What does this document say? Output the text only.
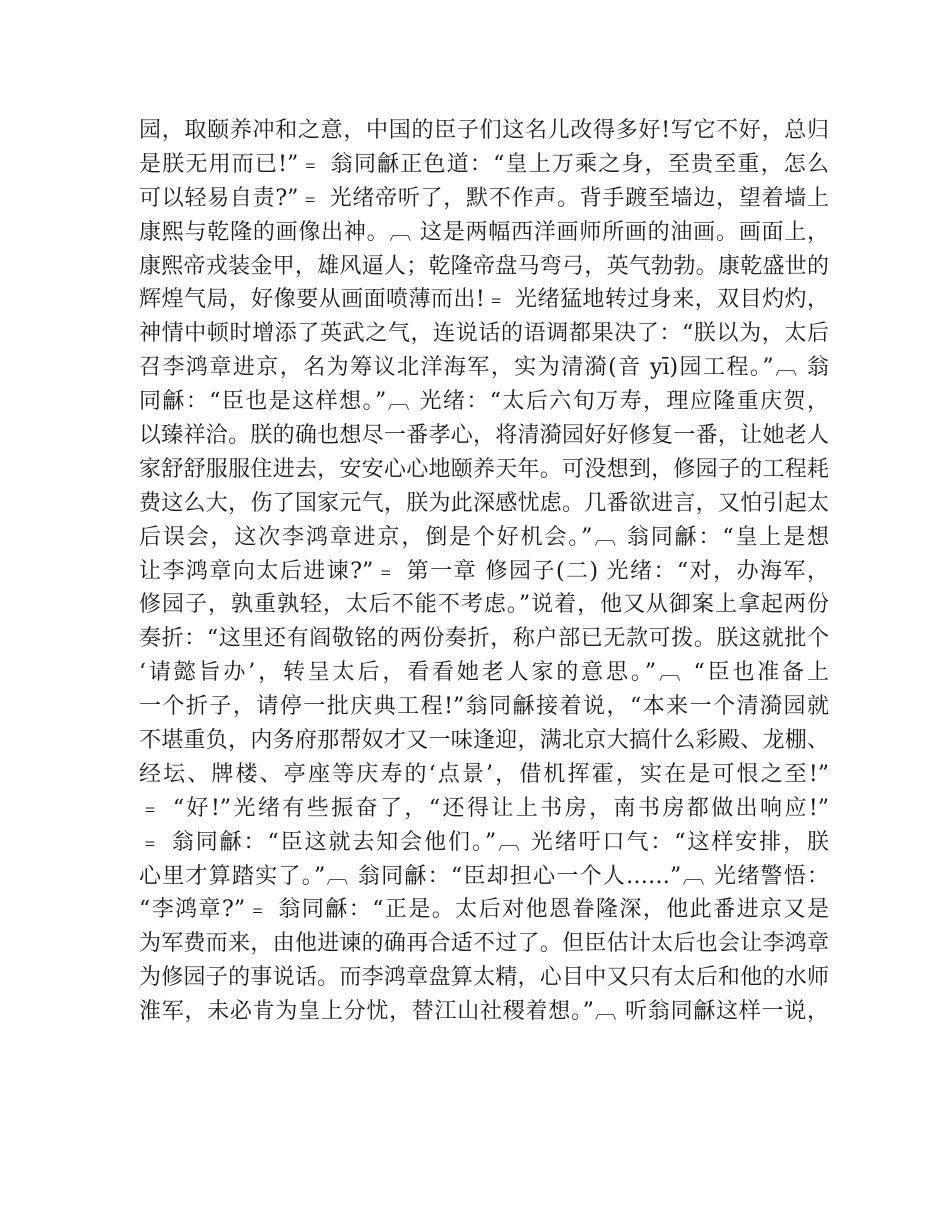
园，取颐养冲和之意，中国的臣子们这名儿改得多好!写它不好，总归
是朕无用而已!”﹦ 翁同龢正色道：“皇上万乘之身，至贵至重，怎么
可以轻易自责?”﹦ 光绪帝听了，默不作声。背手踱至墙边，望着墙上
康熙与乾隆的画像出神。︹ 这是两幅西洋画师所画的油画。画面上，
康熙帝戎装金甲，雄风逼人；乾隆帝盘马弯弓，英气勃勃。康乾盛世的
辉煌气局，好像要从画面喷薄而出!﹦ 光绪猛地转过身来，双目灼灼，
神情中顿时增添了英武之气，连说话的语调都果决了：“朕以为，太后
召李鸿章进京，名为筹议北洋海军，实为清漪(音 yī)园工程。”︹ 翁
同龢：“臣也是这样想。”︹ 光绪：“太后六旬万寿，理应隆重庆贺，
以臻祥洽。朕的确也想尽一番孝心，将清漪园好好修复一番，让她老人
家舒舒服服住进去，安安心心地颐养天年。可没想到，修园子的工程耗
费这么大，伤了国家元气，朕为此深感忧虑。几番欲进言，又怕引起太
后误会，这次李鸿章进京，倒是个好机会。”︹ 翁同龢：“皇上是想
让李鸿章向太后进谏?”﹦ 第一章 修园子(二) 光绪：“对，办海军，
修园子，孰重孰轻，太后不能不考虑。”说着，他又从御案上拿起两份
奏折：“这里还有阎敬铭的两份奏折，称户部已无款可拨。朕这就批个
‘请懿旨办’，转呈太后，看看她老人家的意思。”︹ “臣也准备上
一个折子，请停一批庆典工程!”翁同龢接着说，“本来一个清漪园就
不堪重负，内务府那帮奴才又一味逢迎，满北京大搞什么彩殿、龙棚、
经坛、牌楼、亭座等庆寿的‘点景’，借机挥霍，实在是可恨之至!”
﹦ “好!”光绪有些振奋了，“还得让上书房，南书房都做出响应!”
﹦ 翁同龢：“臣这就去知会他们。”︹ 光绪吁口气：“这样安排，朕
心里才算踏实了。”︹ 翁同龢：“臣却担心一个人……”︹ 光绪警悟：
“李鸿章?”﹦ 翁同龢：“正是。太后对他恩眷隆深，他此番进京又是
为军费而来，由他进谏的确再合适不过了。但臣估计太后也会让李鸿章
为修园子的事说话。而李鸿章盘算太精，心目中又只有太后和他的水师
淮军，未必肯为皇上分忧，替江山社稷着想。”︹ 听翁同龢这样一说，
